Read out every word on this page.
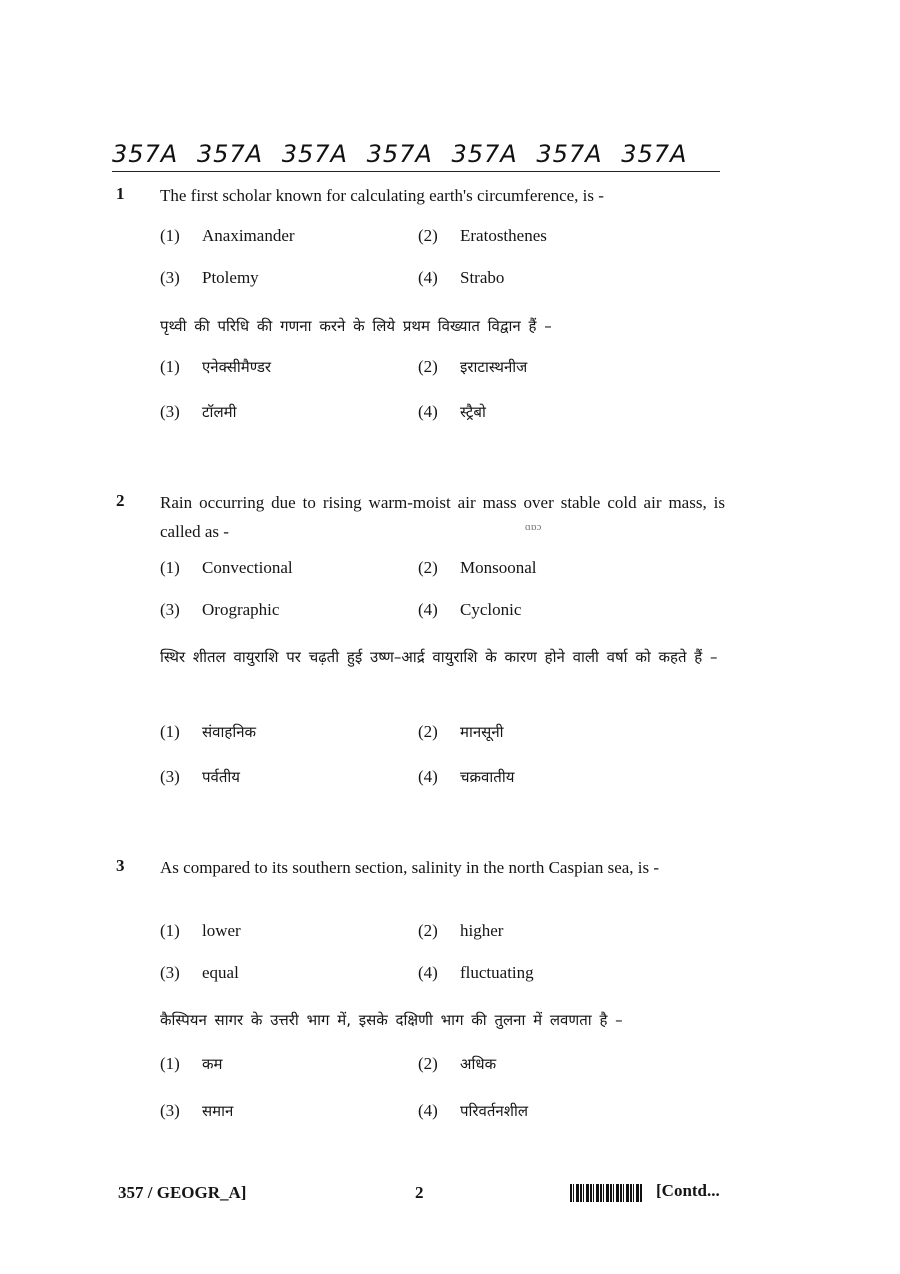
357A 357A 357A 357A 357A 357A 357A
1 The first scholar known for calculating earth's circumference, is -
(1) Anaximander	(2) Eratosthenes
(3) Ptolemy	(4) Strabo
पृथ्वी की परिधि की गणना करने के लिये प्रथम विख्यात विद्वान हैं –
(1) एनेक्सीमैण्डर	(2) इराटास्थनीज
(3) टॉलमी	(4) स्ट्रैबो
2 Rain occurring due to rising warm-moist air mass over stable cold air mass, is called as -	ɑɒɔ
(1) Convectional	(2) Monsoonal
(3) Orographic	(4) Cyclonic
स्थिर शीतल वायुराशि पर चढ़ती हुई उष्ण–आर्द्र वायुराशि के कारण होने वाली वर्षा को कहते हैं –
(1) संवाहनिक	(2) मानसूनी
(3) पर्वतीय	(4) चक्रवातीय
3 As compared to its southern section, salinity in the north Caspian sea, is -
(1) lower	(2) higher
(3) equal	(4) fluctuating
कैस्पियन सागर के उत्तरी भाग में, इसके दक्षिणी भाग की तुलना में लवणता है –
(1) कम	(2) अधिक
(3) समान	(4) परिवर्तनशील
357 / GEOGR_A]	2	[Contd...
